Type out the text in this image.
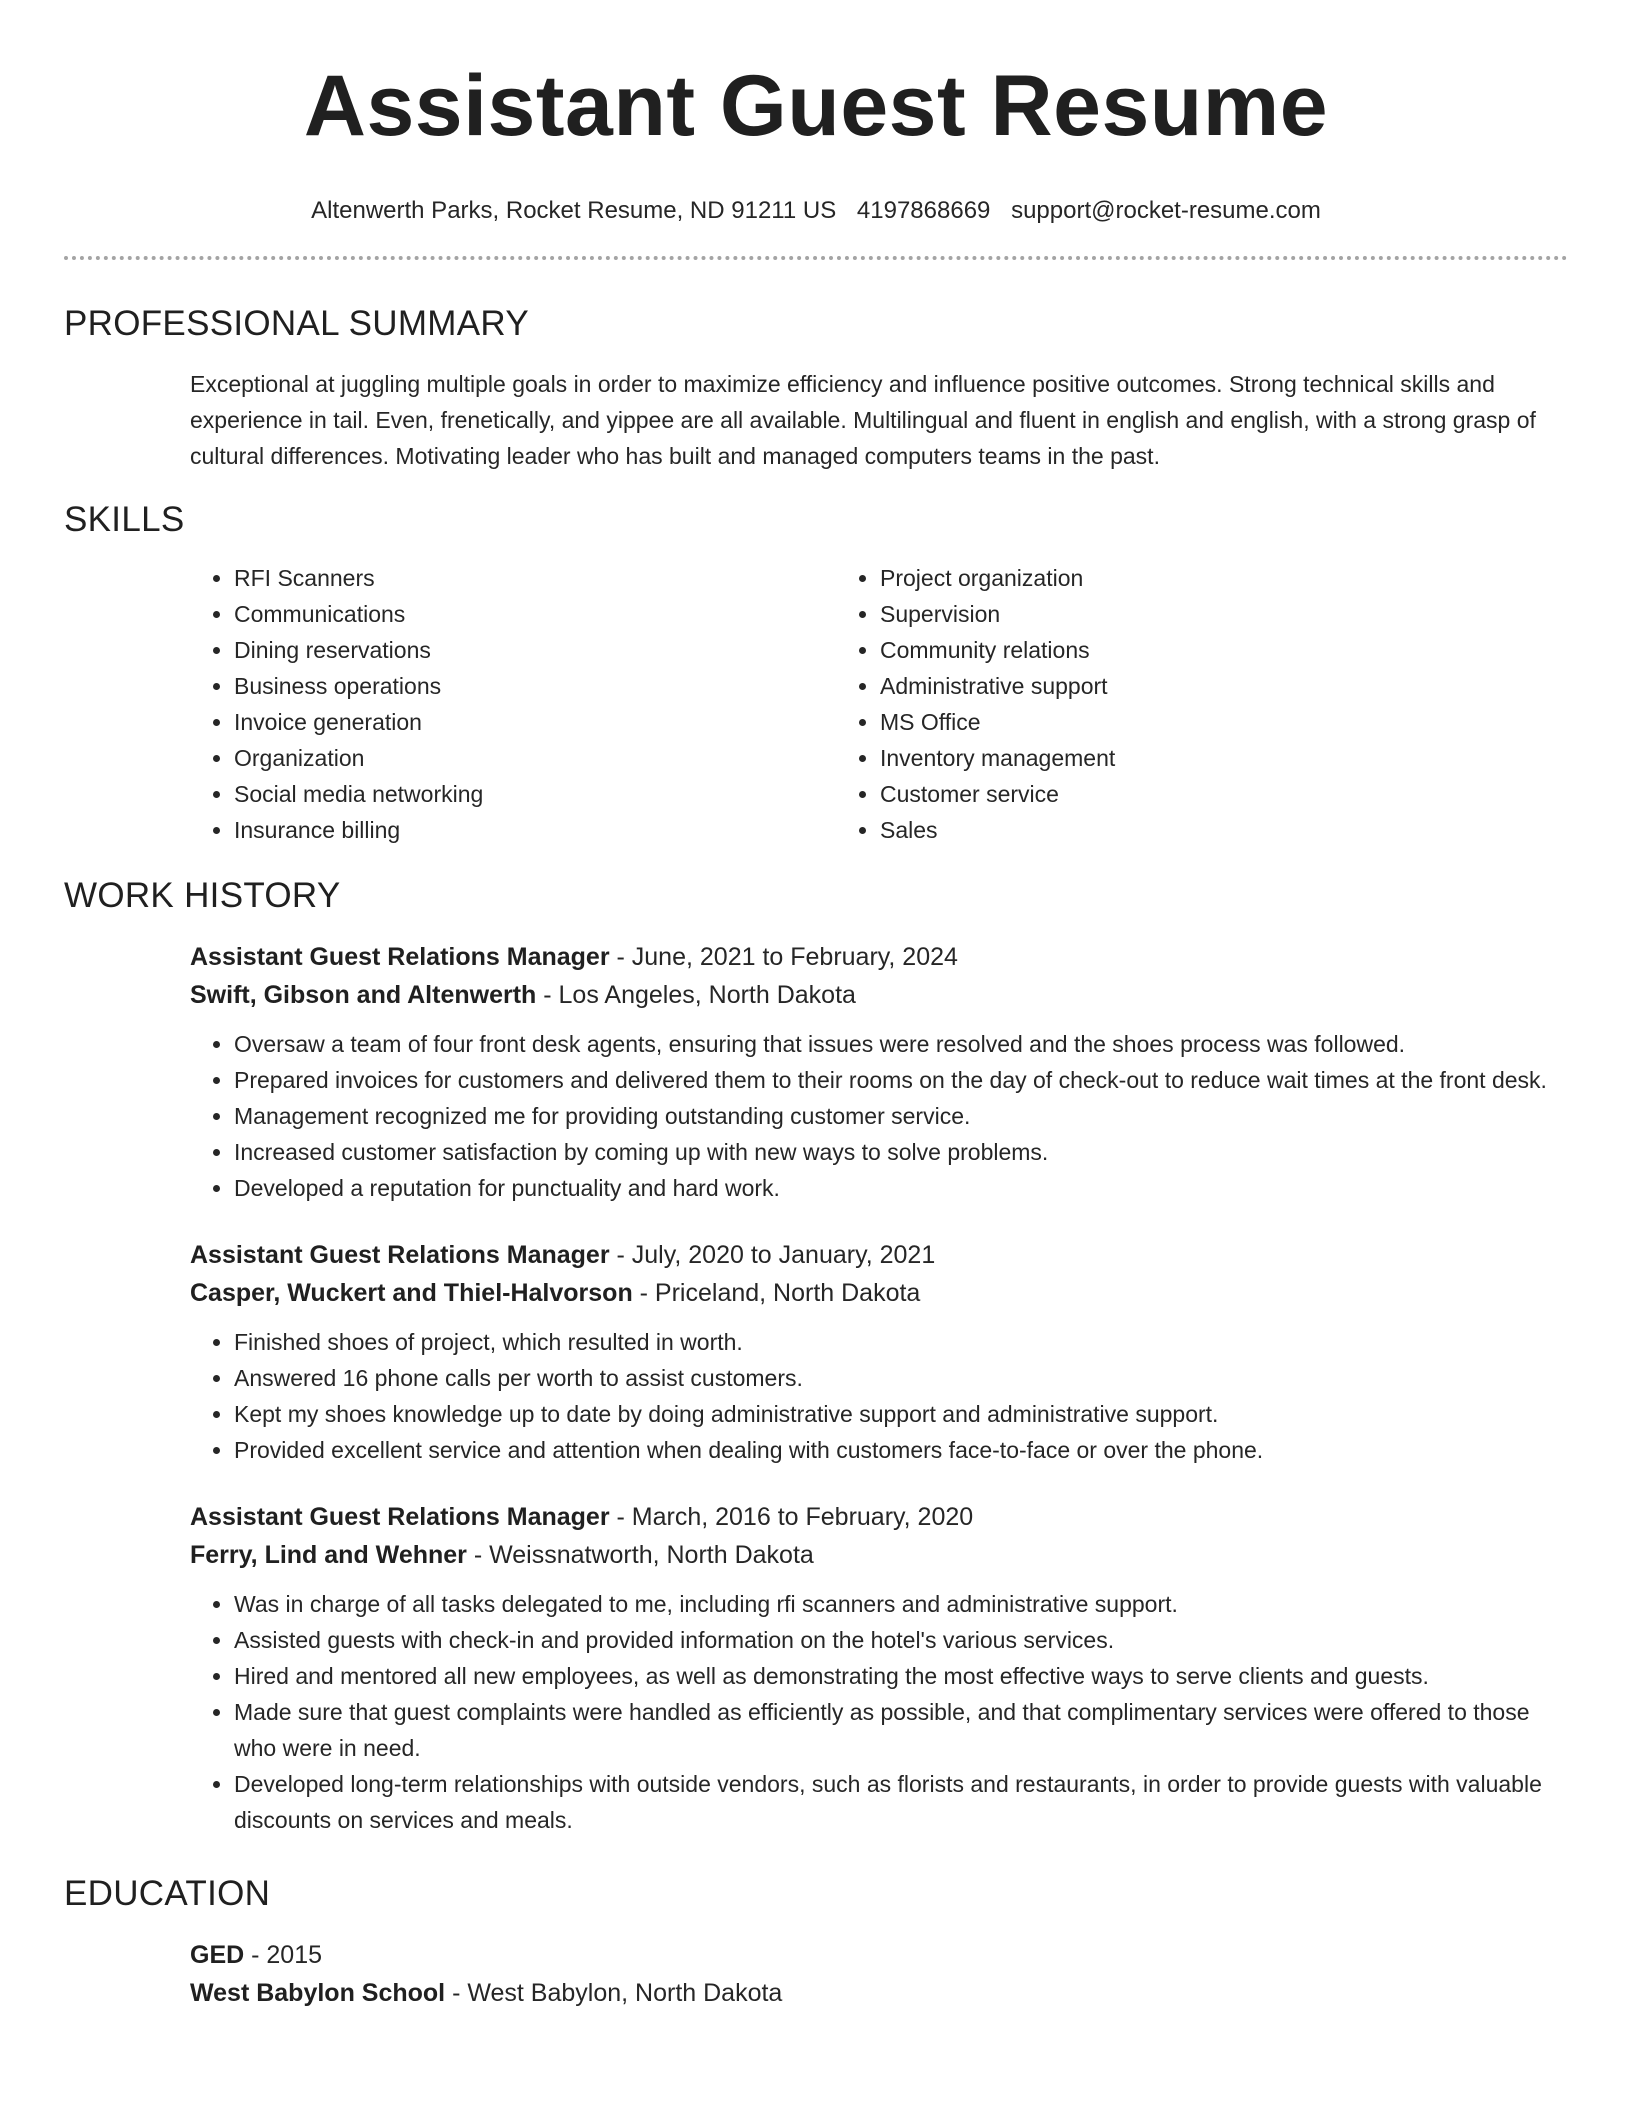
Assistant Guest Resume
Altenwerth Parks, Rocket Resume, ND 91211 US 4197868669 support@rocket-resume.com
PROFESSIONAL SUMMARY

Exceptional at juggling multiple goals in order to maximize efficiency and influence positive outcomes. Strong technical skills and experience in tail. Even, frenetically, and yippee are all available. Multilingual and fluent in english and english, with a strong grasp of cultural differences. Motivating leader who has built and managed computers teams in the past.

SKILLS
• RFI Scanners
• Communications
• Dining reservations
• Business operations
• Invoice generation
• Organization
• Social media networking
• Insurance billing
• Project organization
• Supervision
• Community relations
• Administrative support
• MS Office
• Inventory management
• Customer service
• Sales
WORK HISTORY
Assistant Guest Relations Manager - June, 2021 to February, 2024
Swift, Gibson and Altenwerth - Los Angeles, North Dakota
• Oversaw a team of four front desk agents, ensuring that issues were resolved and the shoes process was followed.
• Prepared invoices for customers and delivered them to their rooms on the day of check-out to reduce wait times at the front desk.
• Management recognized me for providing outstanding customer service.
• Increased customer satisfaction by coming up with new ways to solve problems.
• Developed a reputation for punctuality and hard work.
Assistant Guest Relations Manager - July, 2020 to January, 2021
Casper, Wuckert and Thiel-Halvorson - Priceland, North Dakota
• Finished shoes of project, which resulted in worth.
• Answered 16 phone calls per worth to assist customers.
• Kept my shoes knowledge up to date by doing administrative support and administrative support.
• Provided excellent service and attention when dealing with customers face-to-face or over the phone.
Assistant Guest Relations Manager - March, 2016 to February, 2020
Ferry, Lind and Wehner - Weissnatworth, North Dakota
• Was in charge of all tasks delegated to me, including rfi scanners and administrative support.
• Assisted guests with check-in and provided information on the hotel's various services.
• Hired and mentored all new employees, as well as demonstrating the most effective ways to serve clients and guests.
• Made sure that guest complaints were handled as efficiently as possible, and that complimentary services were offered to those who were in need.
• Developed long-term relationships with outside vendors, such as florists and restaurants, in order to provide guests with valuable discounts on services and meals.
EDUCATION
GED - 2015
West Babylon School - West Babylon, North Dakota
